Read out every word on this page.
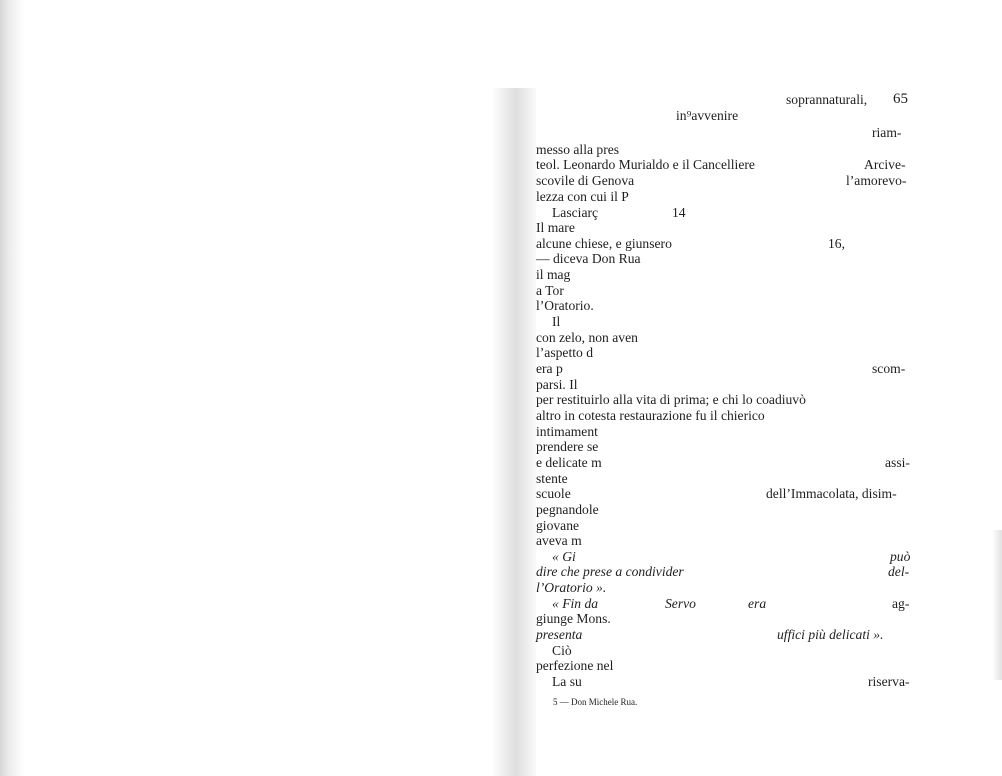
65
soprannaturali,
in⁹avvenire
riam-
messo alla pres
teol. Leonardo Murialdo e il Cancelliere	Arcive-
scovile di Genova	l’amorevo-
lezza con cui il P
Lasciarç	14
Il mare
alcune chiese, e giunsero	16,
— diceva Don Rua
il mag
a Tor
l’Oratorio.
Il
con zelo, non aven
l’aspetto d
era p	scom-
parsi. Il
per restituirlo alla vita di prima; e chi lo coadiuvò
altro in cotesta restaurazione fu il chierico
intimament
prendere se
e delicate m	assi-
stente
scuole	dell’Immacolata, disim-
pegnandole
giovane
aveva m
« Gi	può
dire che prese a condivider	del-
l’Oratorio ».
« Fin da	Servo	era	ag-
giunge Mons.
presenta	uffici più delicati ».
Ciò
perfezione nel
La su	riserva-
5 — Don Michele Rua.
